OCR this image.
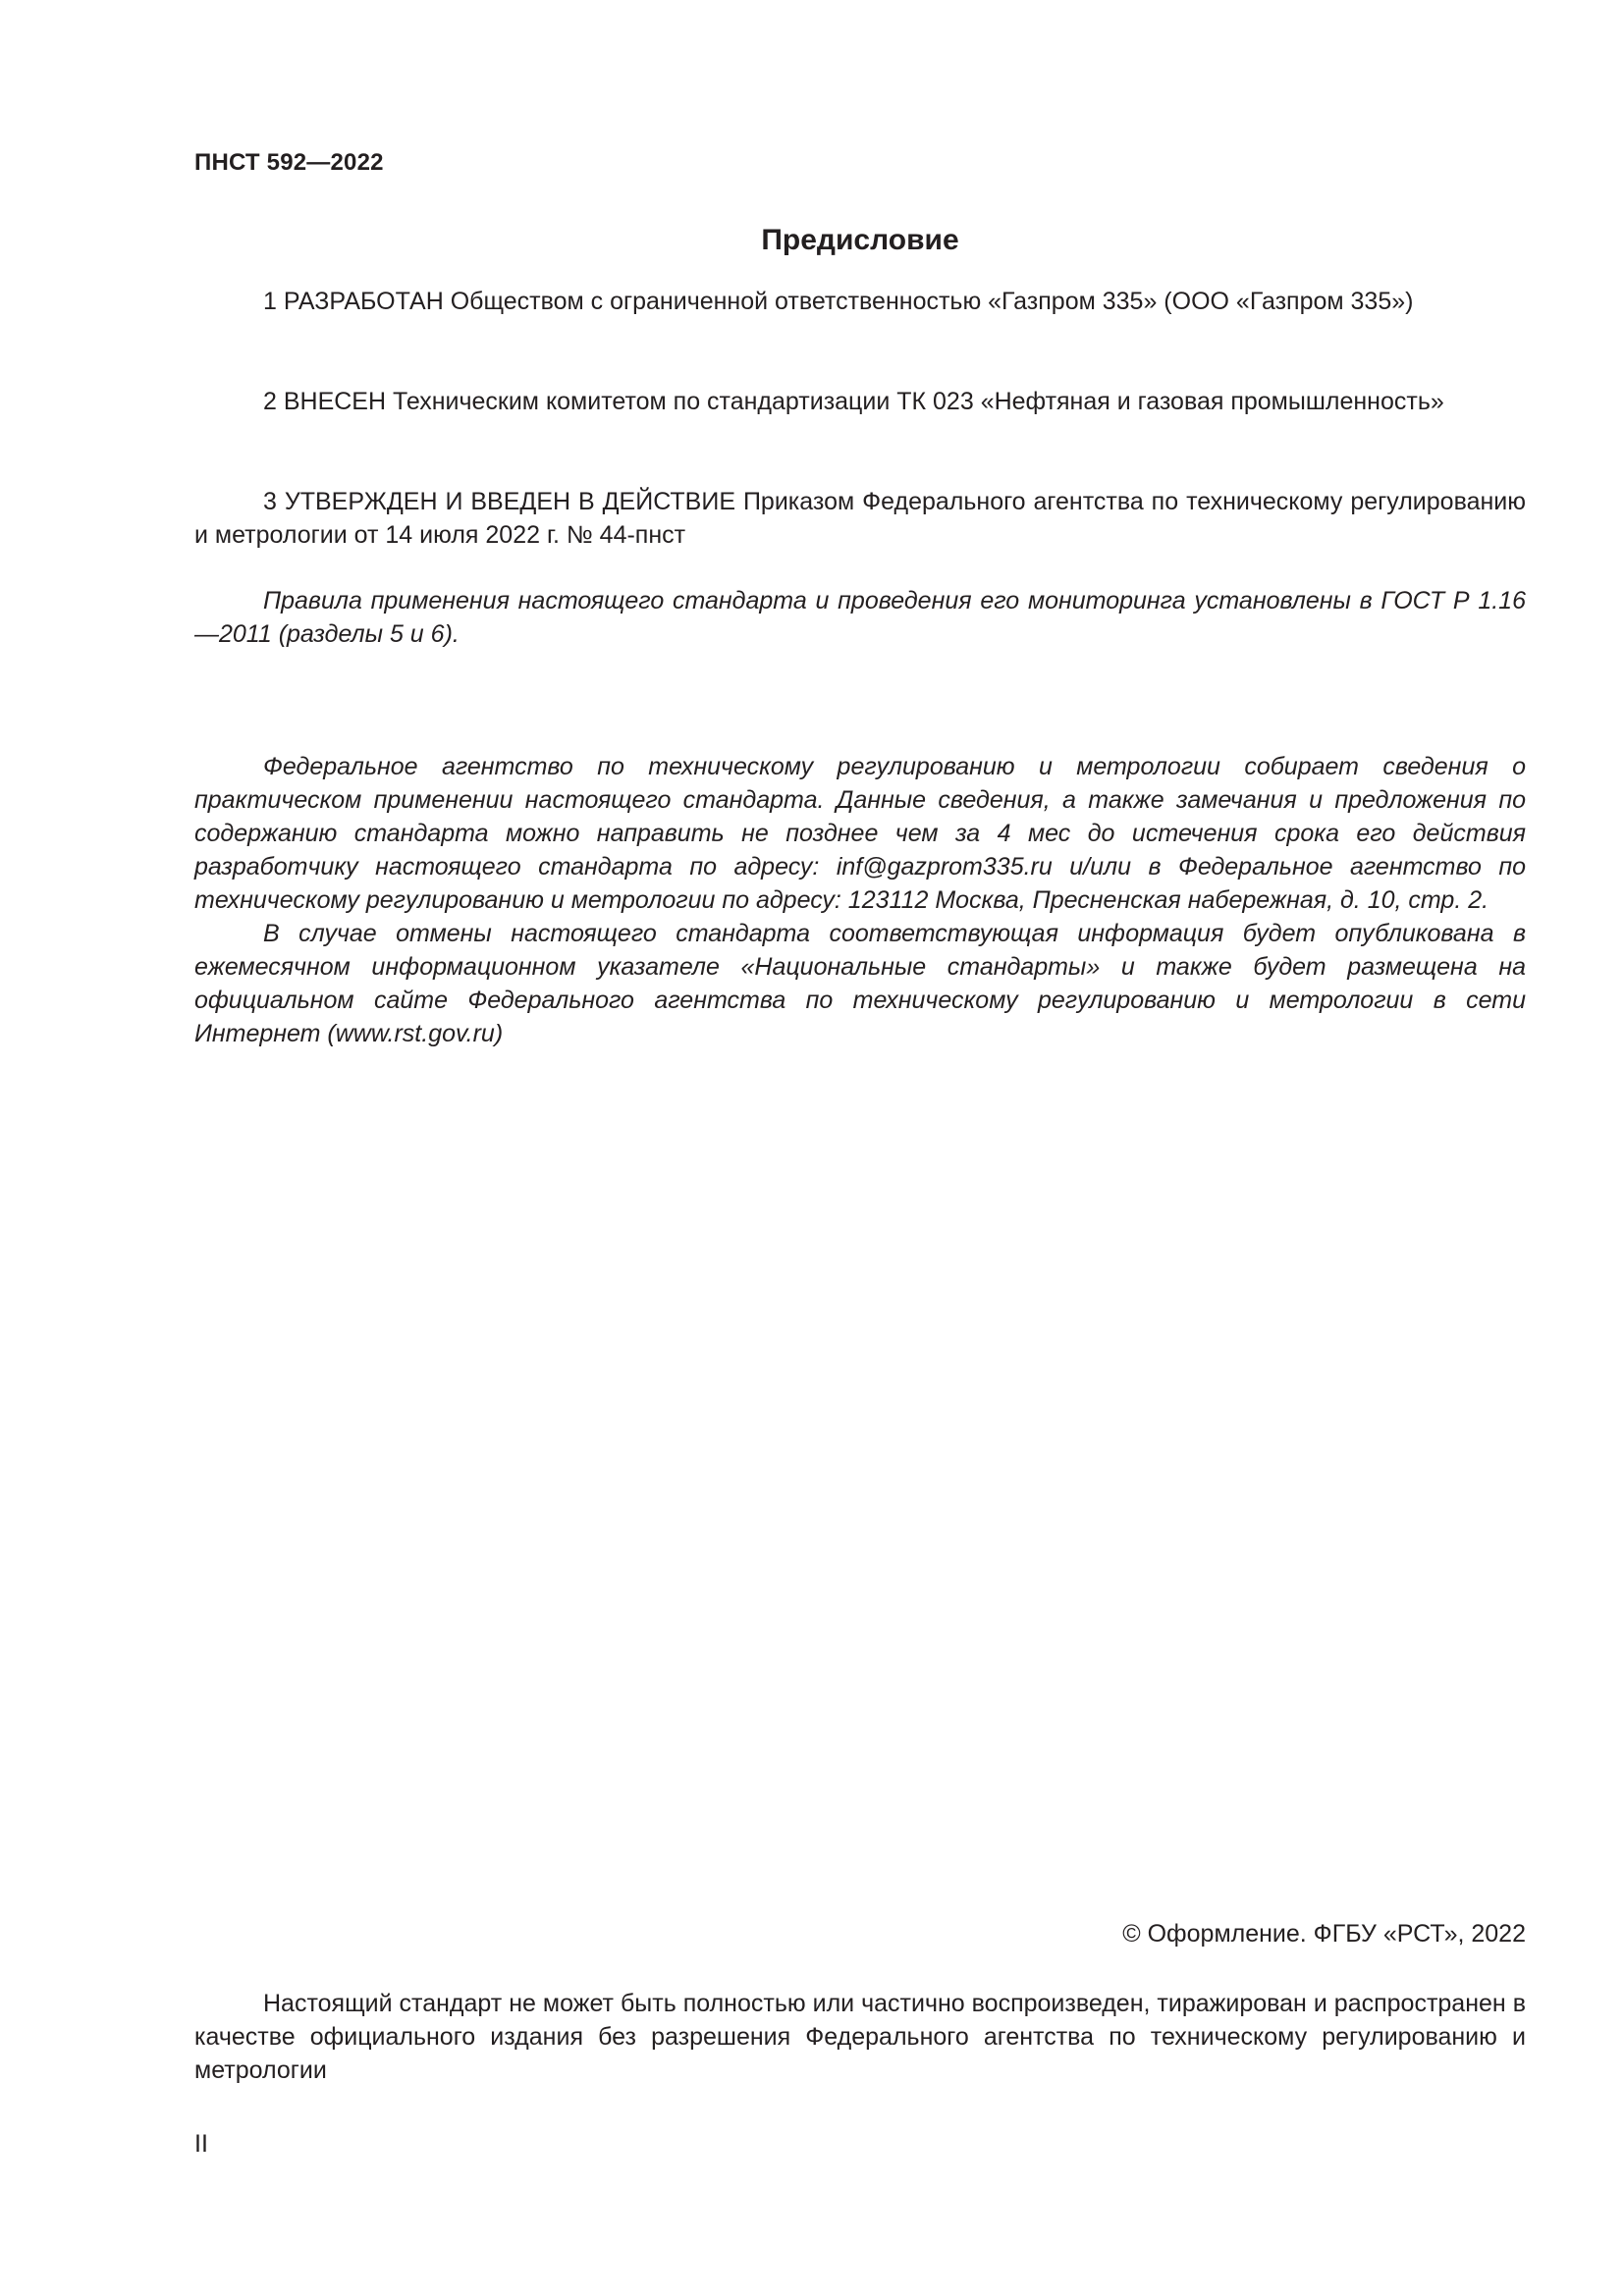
ПНСТ 592—2022
Предисловие

1 РАЗРАБОТАН Обществом с ограниченной ответственностью «Газпром 335» (ООО «Газпром 335»)

2 ВНЕСЕН Техническим комитетом по стандартизации ТК 023 «Нефтяная и газовая промышленность»

3 УТВЕРЖДЕН И ВВЕДЕН В ДЕЙСТВИЕ Приказом Федерального агентства по техническому регулированию и метрологии от 14 июля 2022 г. № 44-пнст

Правила применения настоящего стандарта и проведения его мониторинга установлены в ГОСТ Р 1.16—2011 (разделы 5 и 6).

Федеральное агентство по техническому регулированию и метрологии собирает сведения о практическом применении настоящего стандарта. Данные сведения, а также замечания и предложения по содержанию стандарта можно направить не позднее чем за 4 мес до истечения срока его действия разработчику настоящего стандарта по адресу: inf@gazprom335.ru и/или в Федеральное агентство по техническому регулированию и метрологии по адресу: 123112 Москва, Пресненская набережная, д. 10, стр. 2.

В случае отмены настоящего стандарта соответствующая информация будет опубликована в ежемесячном информационном указателе «Национальные стандарты» и также будет размещена на официальном сайте Федерального агентства по техническому регулированию и метрологии в сети Интернет (www.rst.gov.ru)

© Оформление. ФГБУ «РСТ», 2022

Настоящий стандарт не может быть полностью или частично воспроизведен, тиражирован и распространен в качестве официального издания без разрешения Федерального агентства по техническому регулированию и метрологии

II
